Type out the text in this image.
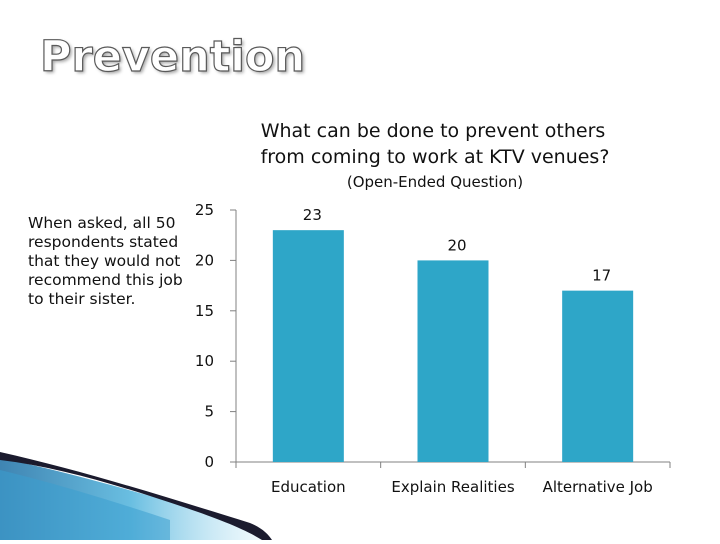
Prevention
When asked, all 50 respondents stated that they would not recommend this job to their sister.
What can be done to prevent others
from coming to work at KTV venues?
(Open-Ended Question)
0
5
10
15
20
25	23
20
17
Education	Explain Realities Alternative Job
